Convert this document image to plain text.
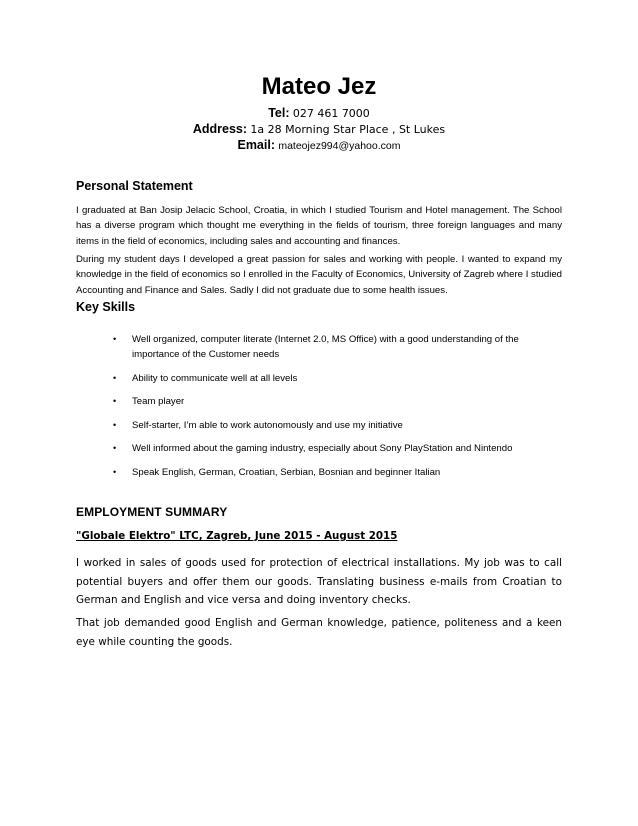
Mateo Jez
Tel: 027 461 7000
Address: 1a 28 Morning Star Place , St Lukes
Email: mateojez994@yahoo.com
Personal Statement

I graduated at Ban Josip Jelacic School, Croatia, in which I studied Tourism and Hotel management. The School has a diverse program which thought me everything in the fields of tourism, three foreign languages and many items in the field of economics, including sales and accounting and finances.

During my student days I developed a great passion for sales and working with people. I wanted to expand my knowledge in the field of economics so I enrolled in the Faculty of Economics, University of Zagreb where I studied Accounting and Finance and Sales. Sadly I did not graduate due to some health issues.

Key Skills
• Well organized, computer literate (Internet 2.0, MS Office) with a good understanding of the importance of the Customer needs
• Ability to communicate well at all levels
• Team player
• Self-starter, I’m able to work autonomously and use my initiative
• Well informed about the gaming industry, especially about Sony PlayStation and Nintendo
• Speak English, German, Croatian, Serbian, Bosnian and beginner Italian
EMPLOYMENT SUMMARY
"Globale Elektro" LTC, Zagreb, June 2015 - August 2015

I worked in sales of goods used for protection of electrical installations. My job was to call potential buyers and offer them our goods. Translating business e-mails from Croatian to German and English and vice versa and doing inventory checks.

That job demanded good English and German knowledge, patience, politeness and a keen eye while counting the goods.
